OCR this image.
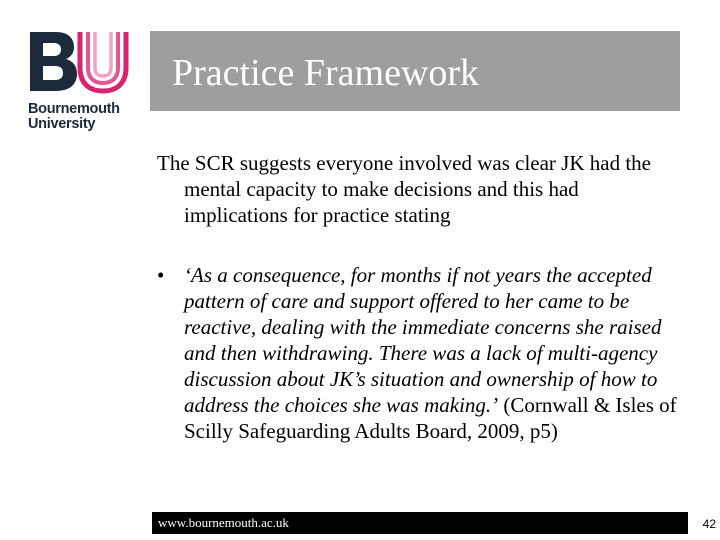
Bournemouth
University
Practice Framework

The SCR suggests everyone involved was clear JK had the mental capacity to make decisions and this had implications for practice stating

• ‘As a consequence, for months if not years the accepted pattern of care and support offered to her came to be reactive, dealing with the immediate concerns she raised and then withdrawing. There was a lack of multi-agency discussion about JK’s situation and ownership of how to address the choices she was making.’ (Cornwall & Isles of Scilly Safeguarding Adults Board, 2009, p5)
www.bournemouth.ac.uk	42
